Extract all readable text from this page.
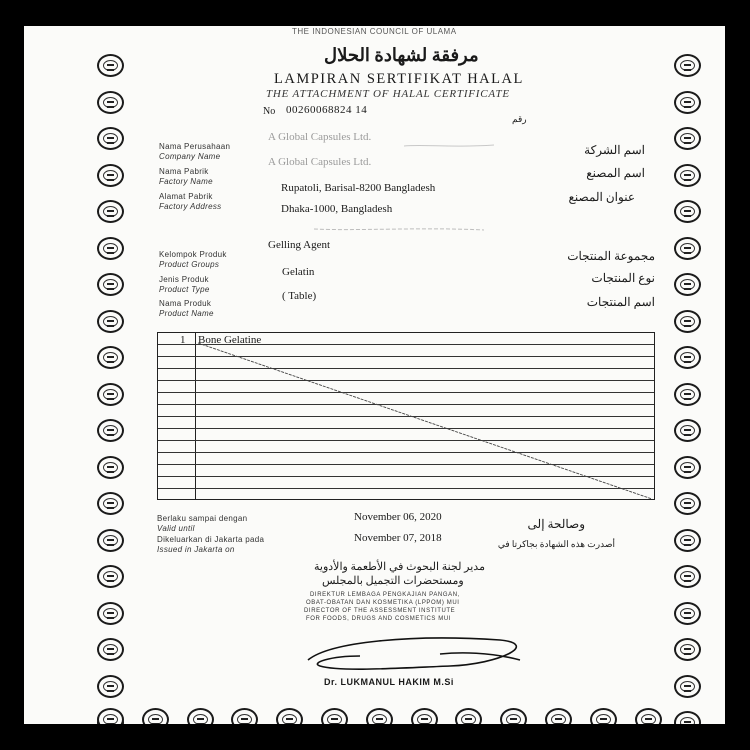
THE INDONESIAN COUNCIL OF ULAMA
مرفقة لشهادة الحلال
LAMPIRAN SERTIFIKAT HALAL
THE ATTACHMENT OF HALAL CERTIFICATE
No 00260068824 14
رقم
Nama Perusahaan
Company Name
A Global Capsules Ltd.
اسم الشركة
Nama Pabrik
Factory Name
A Global Capsules Ltd.
اسم المصنع
Alamat Pabrik
Factory Address
Rupatoli, Barisal-8200 Bangladesh
Dhaka-1000, Bangladesh
عنوان المصنع
Kelompok Produk
Product Groups
Gelling Agent
مجموعة المنتجات
Jenis Produk
Product Type
Gelatin	نوع المنتجات
Nama Produk
Product Name
( Table)	اسم المنتجات
1 Bone Gelatine
Berlaku sampai dengan
Valid until
November 06, 2020	وصالحة إلى
Dikeluarkan di Jakarta pada
Issued in Jakarta on
November 07, 2018	أصدرت هذه الشهادة بجاكرتا في
مدير لجنة البحوث في الأطعمة والأدوية
ومستحضرات التجميل بالمجلس
DIREKTUR LEMBAGA PENGKAJIAN PANGAN,
OBAT-OBATAN DAN KOSMETIKA (LPPOM) MUI
DIRECTOR OF THE ASSESSMENT INSTITUTE
FOR FOODS, DRUGS AND COSMETICS MUI
Dr. LUKMANUL HAKIM M.Si
